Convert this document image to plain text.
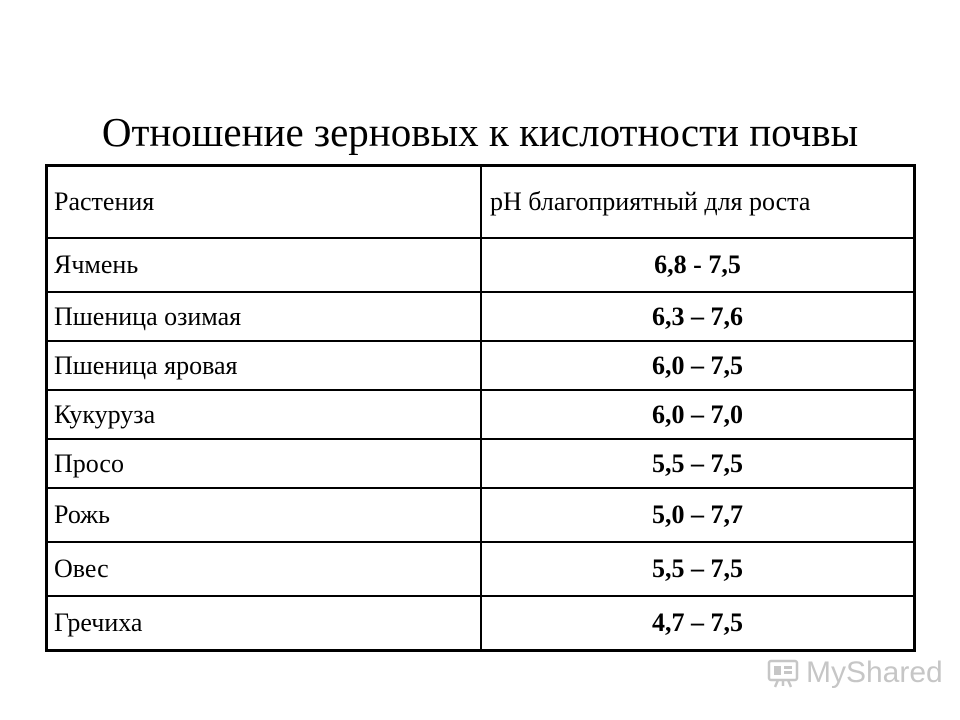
Отношение зерновых к кислотности почвы
Растения	pH благоприятный для роста
Ячмень	6,8 - 7,5
Пшеница озимая	6,3 – 7,6
Пшеница яровая	6,0 – 7,5
Кукуруза	6,0 – 7,0
Просо	5,5 – 7,5
Рожь	5,0 – 7,7
Овес	5,5 – 7,5
Гречиха	4,7 – 7,5
MyShared
